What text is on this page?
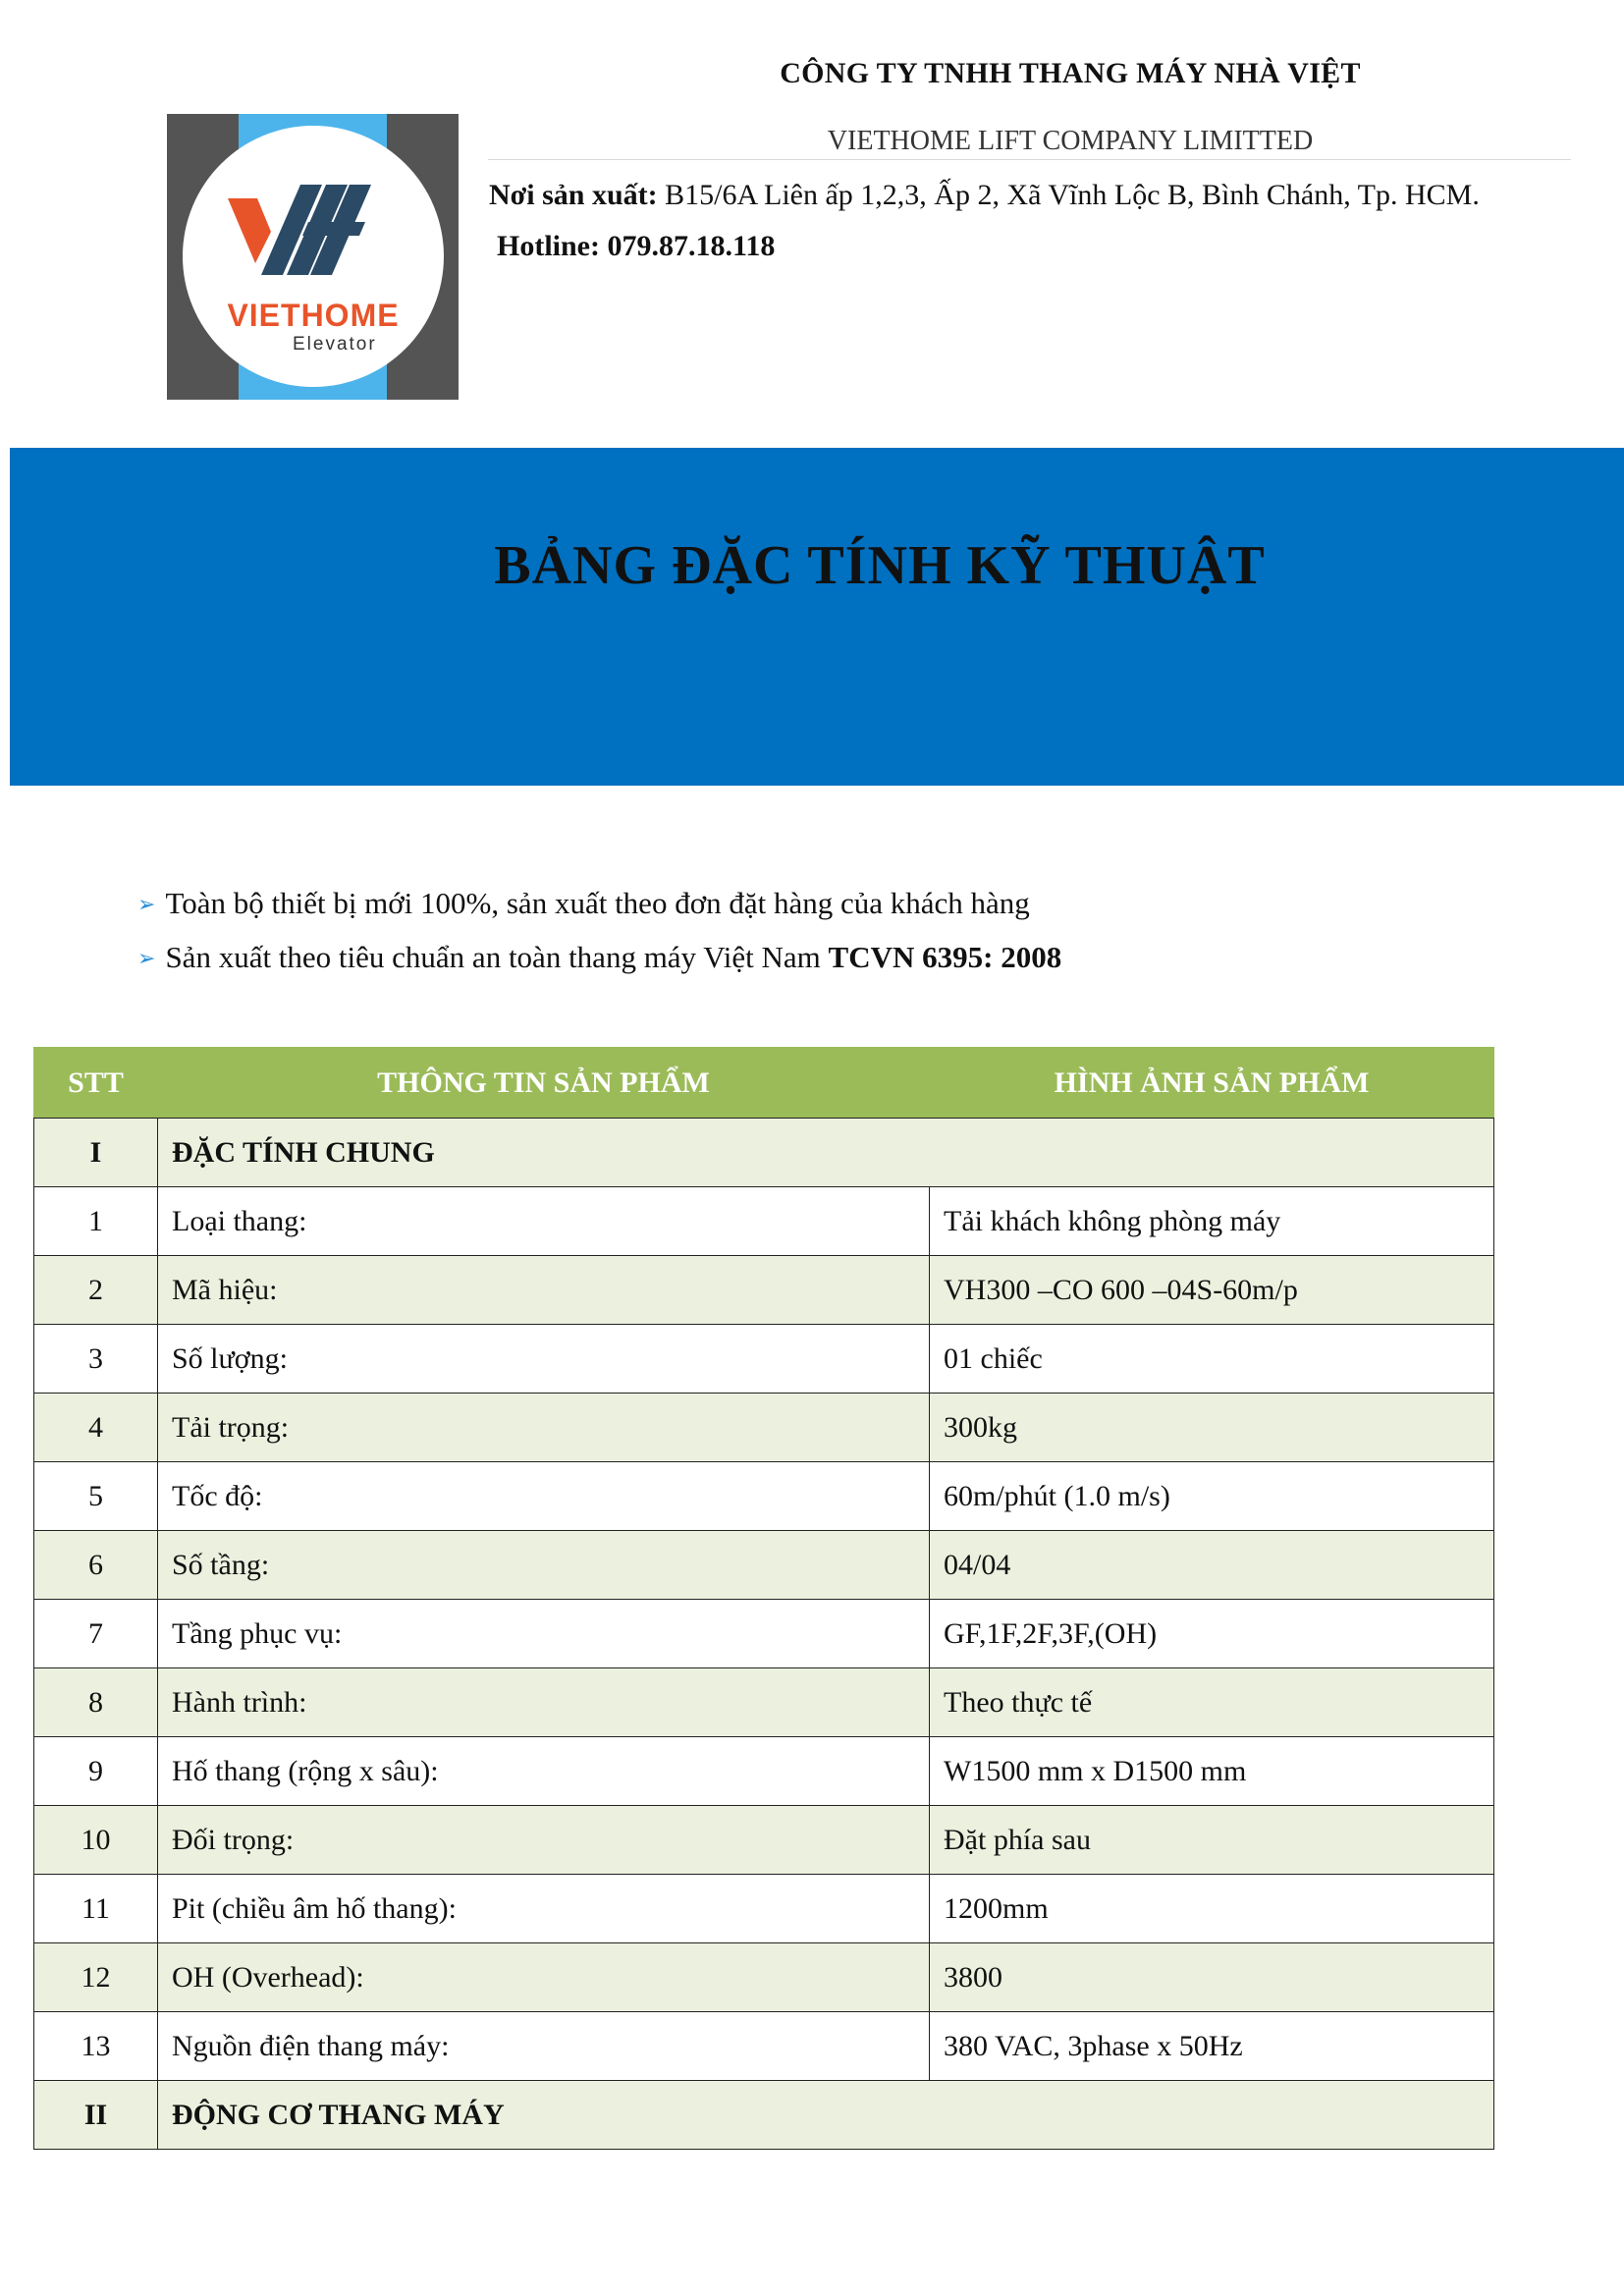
CÔNG TY TNHH THANG MÁY NHÀ VIỆT
VIETHOME LIFT COMPANY LIMITTED
Nơi sản xuất: B15/6A Liên ấp 1,2,3, Ấp 2, Xã Vĩnh Lộc B, Bình Chánh, Tp. HCM.
Hotline: 079.87.18.118
VIETHOME
Elevator
BẢNG ĐẶC TÍNH KỸ THUẬT
➢ Toàn bộ thiết bị mới 100%, sản xuất theo đơn đặt hàng của khách hàng
➢ Sản xuất theo tiêu chuẩn an toàn thang máy Việt Nam TCVN 6395: 2008
STT	THÔNG TIN SẢN PHẨM	HÌNH ẢNH SẢN PHẨM
I	ĐẶC TÍNH CHUNG	
1	Loại thang:	Tải khách không phòng máy
2	Mã hiệu:	VH300 –CO 600 –04S-60m/p
3	Số lượng:	01 chiếc
4	Tải trọng:	300kg
5	Tốc độ:	60m/phút (1.0 m/s)
6	Số tầng:	04/04
7	Tầng phục vụ:	GF,1F,2F,3F,(OH)
8	Hành trình:	Theo thực tế
9	Hố thang (rộng x sâu):	W1500 mm x D1500 mm
10	Đối trọng:	Đặt phía sau
11	Pit (chiều âm hố thang):	1200mm
12	OH (Overhead):	3800
13	Nguồn điện thang máy:	380 VAC, 3phase x 50Hz
II	ĐỘNG CƠ THANG MÁY	
